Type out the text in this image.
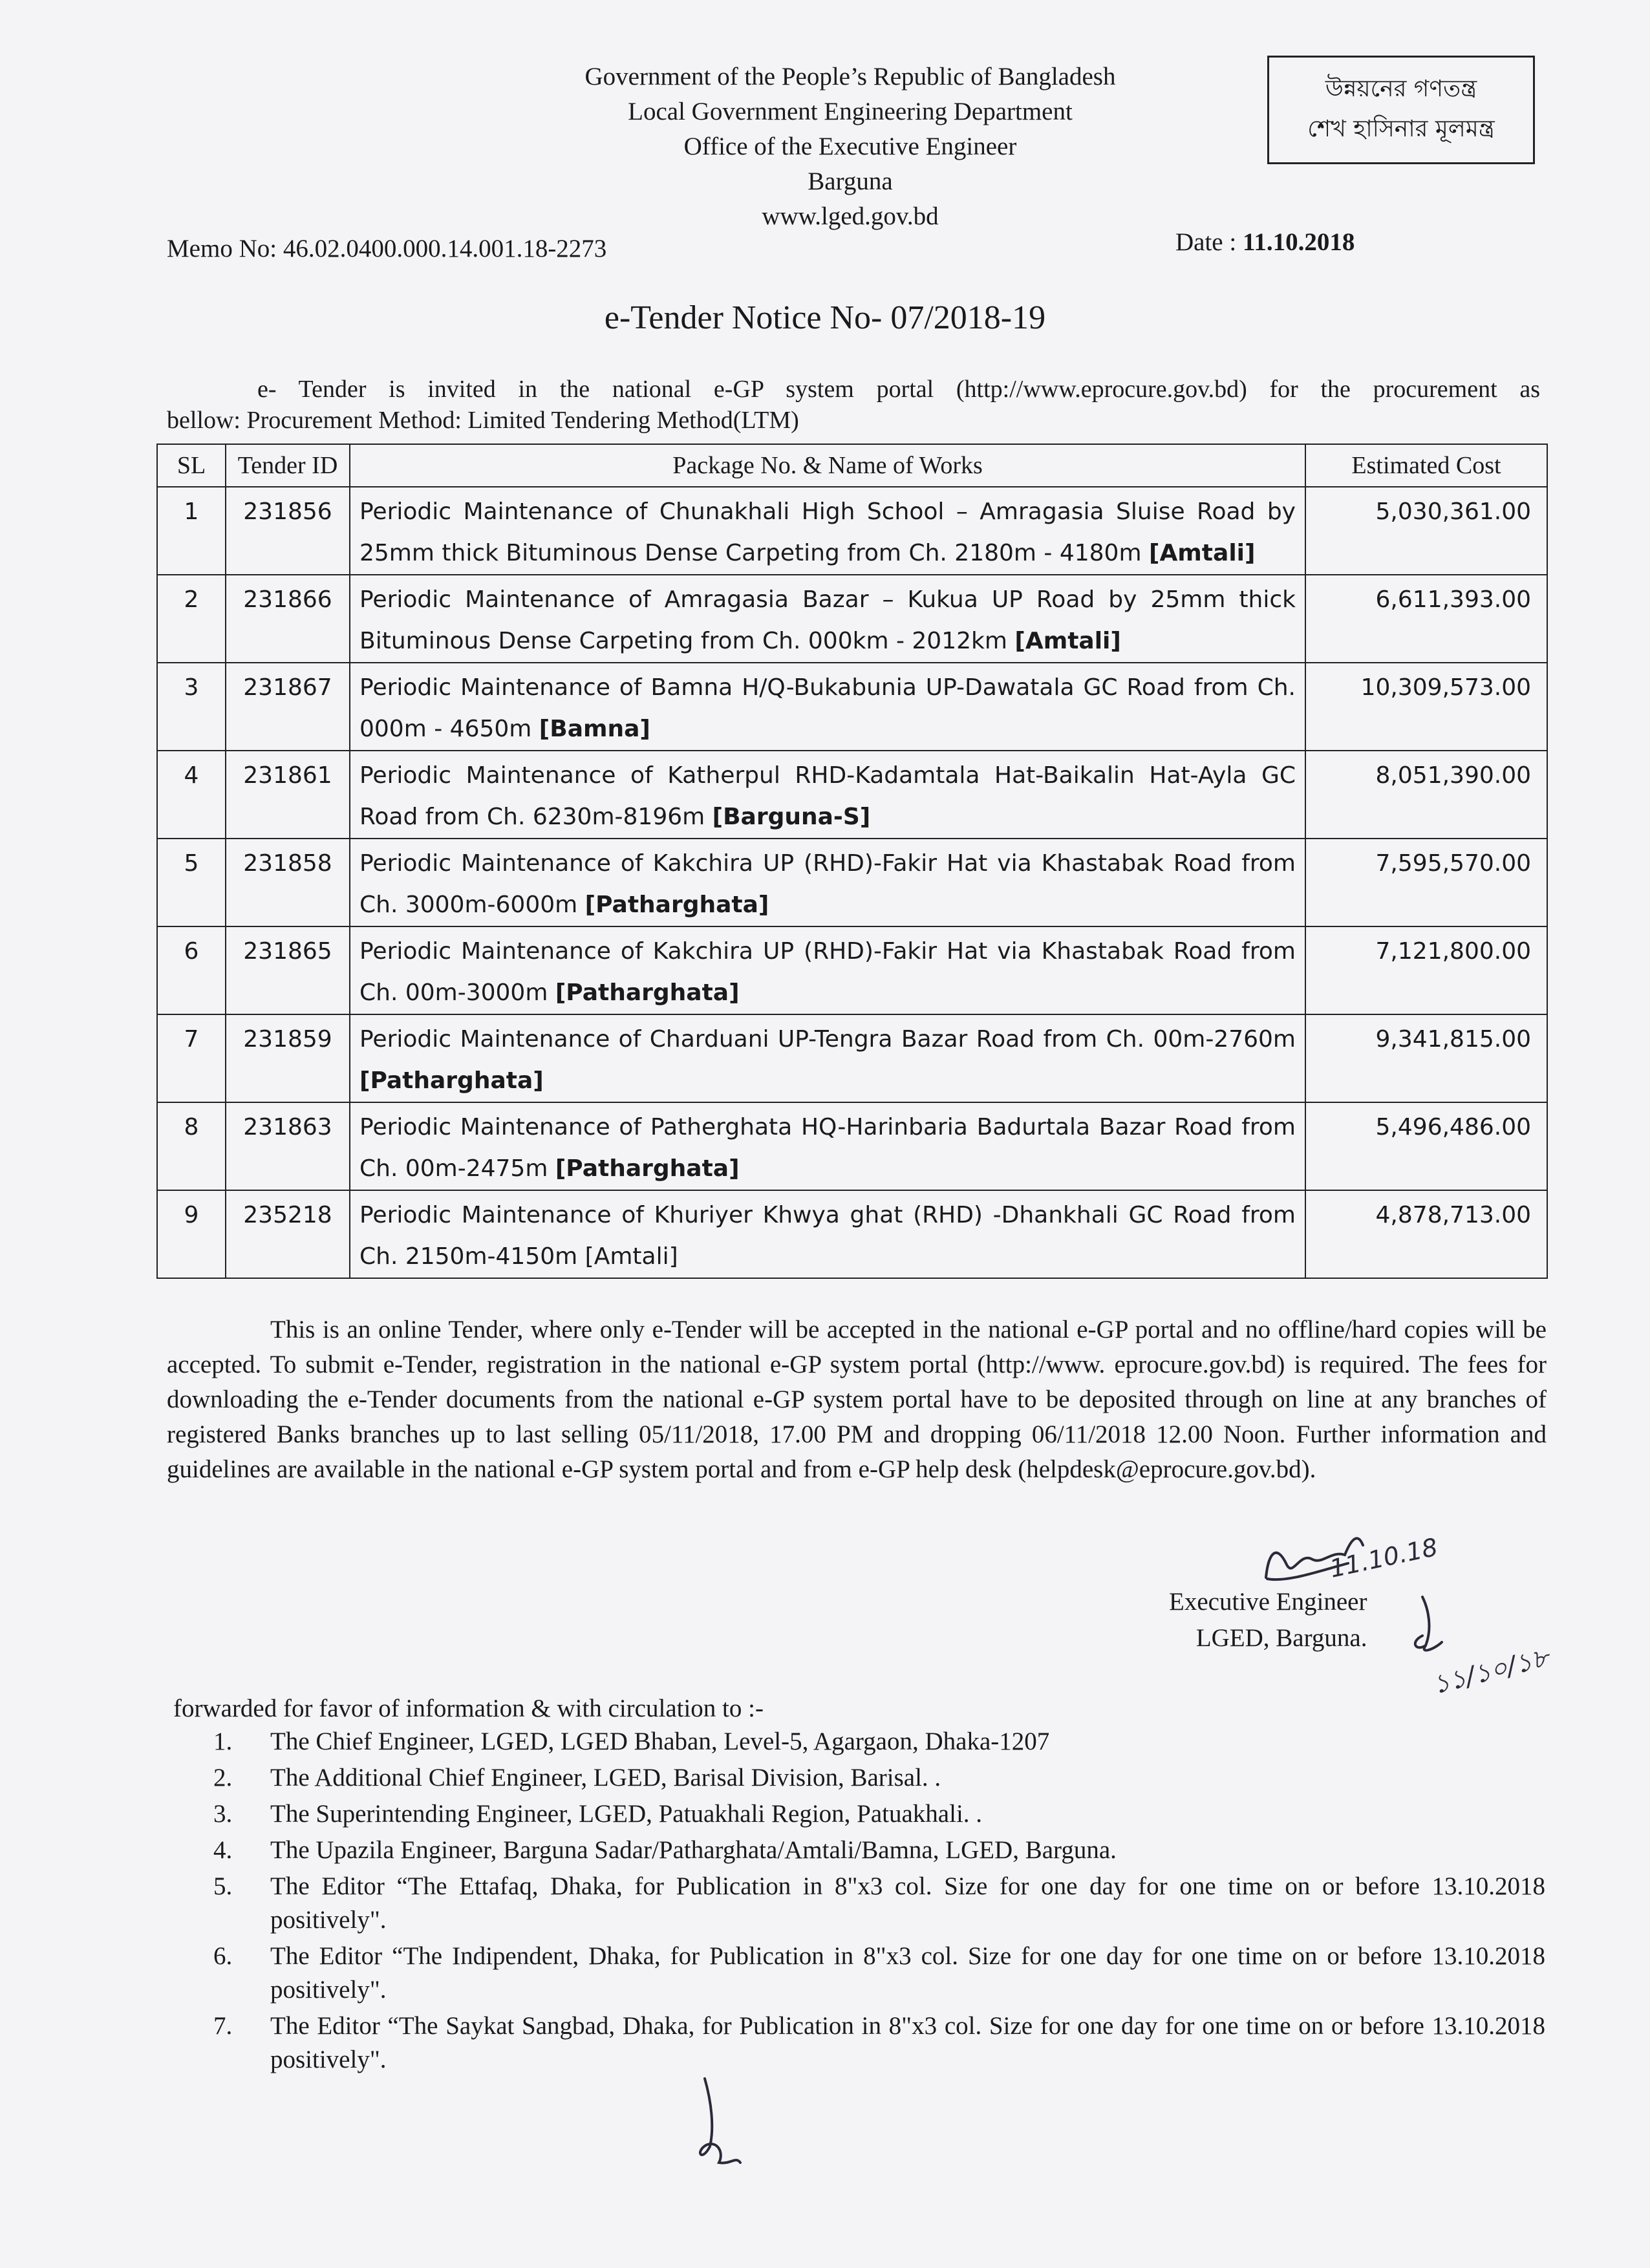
Government of the People’s Republic of Bangladesh
Local Government Engineering Department
Office of the Executive Engineer
Barguna
www.lged.gov.bd
উন্নয়নের গণতন্ত্র
শেখ হাসিনার মূলমন্ত্র
Memo No: 46.02.0400.000.14.001.18-2273	Date : 11.10.2018
e-Tender Notice No- 07/2018-19
e- Tender is invited in the national e-GP system portal (http://www.eprocure.gov.bd) for the procurement as
bellow: Procurement Method: Limited Tendering Method(LTM)
SL	Tender ID	Package No. & Name of Works	Estimated Cost
1	231856	Periodic Maintenance of Chunakhali High School – Amragasia Sluise Road by 25mm thick Bituminous Dense Carpeting from Ch. 2180m - 4180m [Amtali]	5,030,361.00
2	231866	Periodic Maintenance of Amragasia Bazar – Kukua UP Road by 25mm thick Bituminous Dense Carpeting from Ch. 000km - 2012km [Amtali]	6,611,393.00
3	231867	Periodic Maintenance of Bamna H/Q-Bukabunia UP-Dawatala GC Road from Ch. 000m - 4650m [Bamna]	10,309,573.00
4	231861	Periodic Maintenance of Katherpul RHD-Kadamtala Hat-Baikalin Hat-Ayla GC Road from Ch. 6230m-8196m [Barguna-S]	8,051,390.00
5	231858	Periodic Maintenance of Kakchira UP (RHD)-Fakir Hat via Khastabak Road from Ch. 3000m-6000m [Patharghata]	7,595,570.00
6	231865	Periodic Maintenance of Kakchira UP (RHD)-Fakir Hat via Khastabak Road from Ch. 00m-3000m [Patharghata]	7,121,800.00
7	231859	Periodic Maintenance of Charduani UP-Tengra Bazar Road from Ch. 00m-2760m [Patharghata]	9,341,815.00
8	231863	Periodic Maintenance of Patherghata HQ-Harinbaria Badurtala Bazar Road from Ch. 00m-2475m [Patharghata]	5,496,486.00
9	235218	Periodic Maintenance of Khuriyer Khwya ghat (RHD) -Dhankhali GC Road from Ch. 2150m-4150m [Amtali]	4,878,713.00

This is an online Tender, where only e-Tender will be accepted in the national e-GP portal and no offline/hard copies will be accepted. To submit e-Tender, registration in the national e-GP system portal (http://www. eprocure.gov.bd) is required. The fees for downloading the e-Tender documents from the national e-GP system portal have to be deposited through on line at any branches of registered Banks branches up to last selling 05/11/2018, 17.00 PM and dropping 06/11/2018 12.00 Noon. Further information and guidelines are available in the national e-GP system portal and from e-GP help desk (helpdesk@eprocure.gov.bd).

11.10.18
১১/১০/১৮
Executive Engineer
LGED, Barguna.
forwarded for favor of information & with circulation to :-
1. The Chief Engineer, LGED, LGED Bhaban, Level-5, Agargaon, Dhaka-1207
2. The Additional Chief Engineer, LGED, Barisal Division, Barisal. .
3. The Superintending Engineer, LGED, Patuakhali Region, Patuakhali. .
4. The Upazila Engineer, Barguna Sadar/Patharghata/Amtali/Bamna, LGED, Barguna.
5. The Editor “The Ettafaq, Dhaka, for Publication in 8"x3 col. Size for one day for one time on or before 13.10.2018 positively".
6. The Editor “The Indipendent, Dhaka, for Publication in 8"x3 col. Size for one day for one time on or before 13.10.2018 positively".
7. The Editor “The Saykat Sangbad, Dhaka, for Publication in 8"x3 col. Size for one day for one time on or before 13.10.2018 positively".
